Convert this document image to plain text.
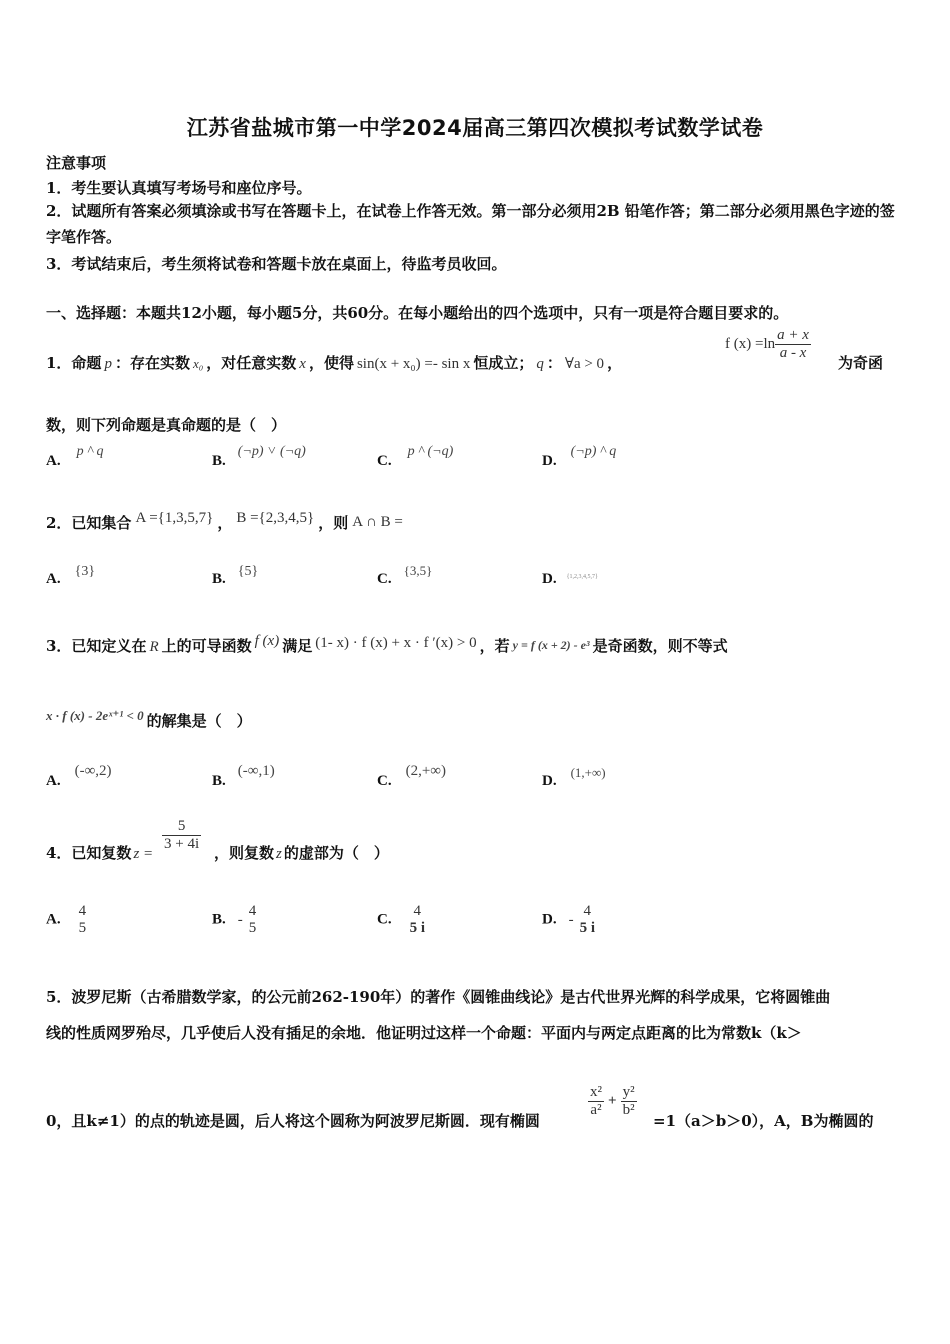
江苏省盐城市第一中学2024届高三第四次模拟考试数学试卷
注意事项
1．考生要认真填写考场号和座位序号。
2．试题所有答案必须填涂或书写在答题卡上，在试卷上作答无效。第一部分必须用2B 铅笔作答；第二部分必须用黑色字迹的签字笔作答。
3．考试结束后，考生须将试卷和答题卡放在桌面上，待监考员收回。
一、选择题：本题共12小题，每小题5分，共60分。在每小题给出的四个选项中，只有一项是符合题目要求的。
1．命题 p ：存在实数 x₀ ，对任意实数 x ，使得 sin(x + x₀) =- sin x 恒成立； q ： ∀a > 0 ，
f $(x) =\ln \frac{a + x}{a - x}$
为奇函
数，则下列命题是真命题的是（　）
A.p ^ q
B.(¬p) ˅ (¬q)
C.p ^ (¬q)
D.(¬p) ^ q
2．已知集合 A ={1,3,5,7} ， B ={2,3,4,5} ，则 A ∩ B =
A. {3}	B. {5}	C.$^{\{3,5\}}$
D. $^{\{1,2,3,4,5,7\}}$
3．已知定义在 R 上的可导函数 f (x) 满足 (1- x) · f (x) + x · f ′(x) > 0 ，若 y = f (x + 2) - e³ 是奇函数，则不等式
x · f (x) - 2eˣ⁺¹ < 0 的解集是（　）
A.(-∞,2)
B.(-∞,1)
C.(2,+∞)
D.$^{(1,+\infty)}$
4．已知复数 z =
$\frac{5}{3 + 4i}$ ，则复数 z 的虚部为（　）
A.
4
5
B. -
4
5
C.
4
5 i
D. -
4
5 i
5．波罗尼斯（古希腊数学家，的公元前262-190年）的著作《圆锥曲线论》是古代世界光辉的科学成果，它将圆锥曲
线的性质网罗殆尽，几乎使后人没有插足的余地．他证明过这样一个命题：平面内与两定点距离的比为常数k（k＞
0，且k≠1）的点的轨迹是圆，后人将这个圆称为阿波罗尼斯圆．现有椭圆
$\frac{\text{x²}}{\text{a²}} + \frac{\text{y²}}{\text{b²}}$
=1（a＞b＞0），A，B为椭圆的
